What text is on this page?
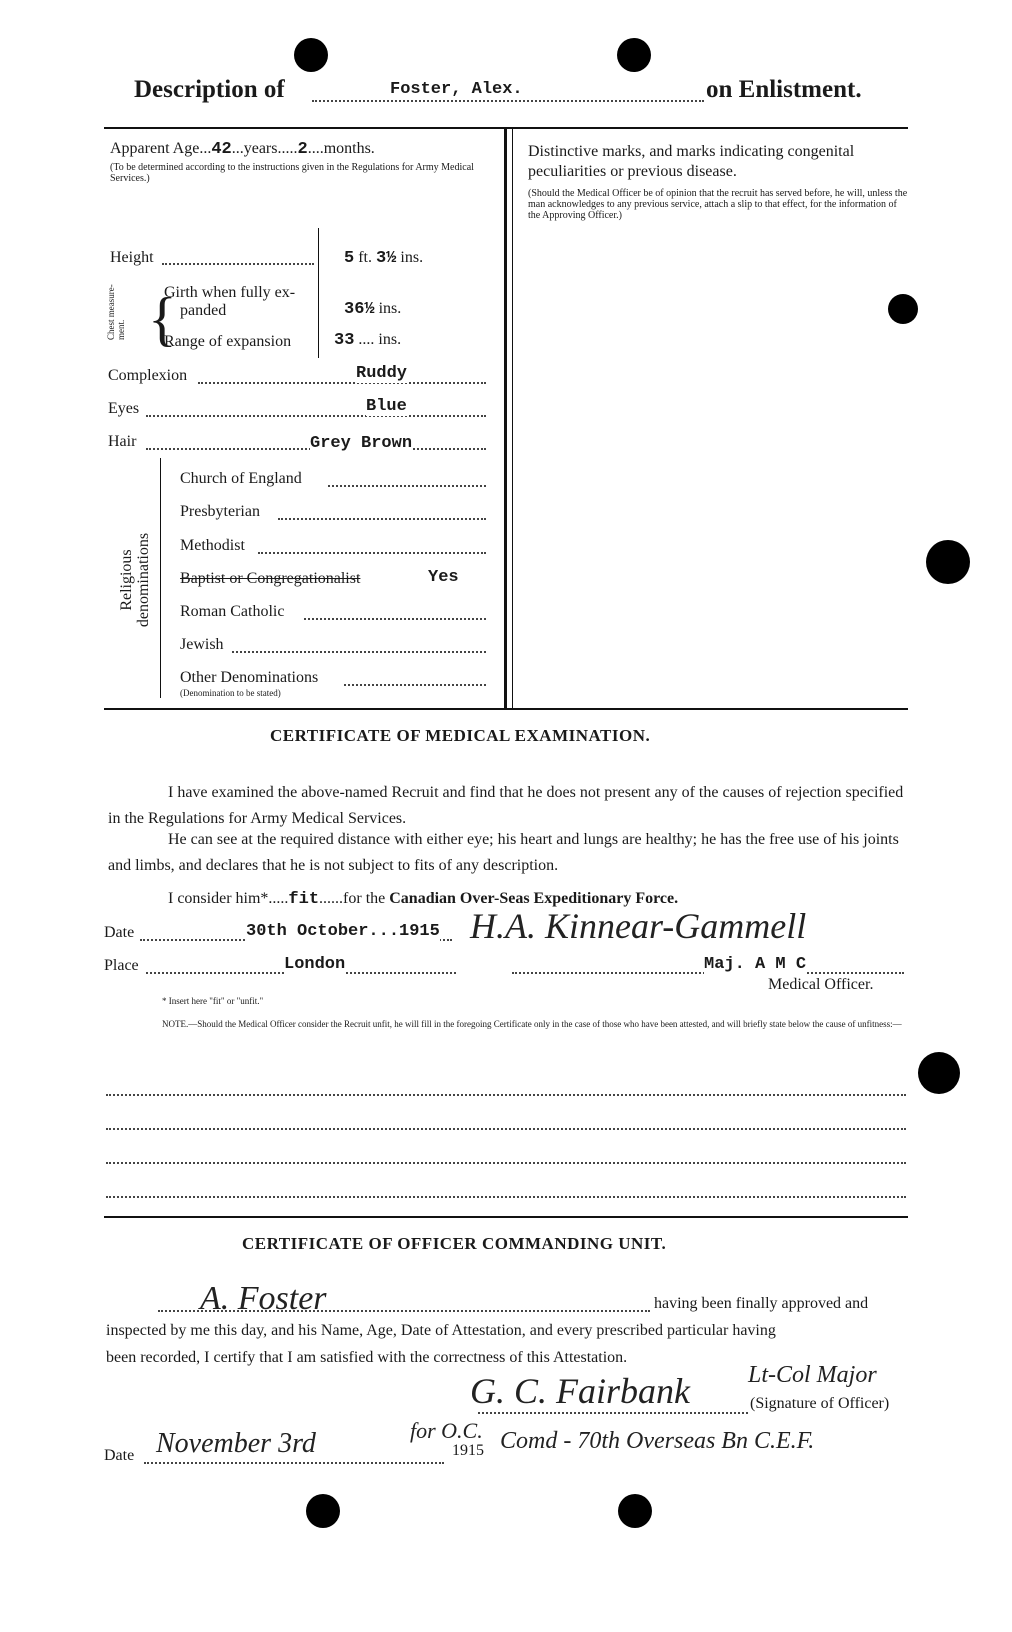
Description of	Foster, Alex.	on Enlistment.
Apparent Age...42...years.....2....months.
(To be determined according to the instructions given in the Regulations for Army Medical Services.)
Height	5 ft. 3½ ins.
Chest measure-ment. {
Girth when fully ex-
panded	36½ ins.
Range of expansion	33 .... ins.
Complexion	Ruddy
Eyes	Blue
Hair	Grey Brown
Religious denominations
Church of England
Presbyterian
Methodist
Baptist or Congregationalist	Yes
Roman Catholic
Jewish
Other Denominations
(Denomination to be stated)
Distinctive marks, and marks indicating congenital peculiarities or previous disease.
(Should the Medical Officer be of opinion that the recruit has served before, he will, unless the man acknowledges to any previous service, attach a slip to that effect, for the information of the Approving Officer.)
CERTIFICATE OF MEDICAL EXAMINATION.
I have examined the above-named Recruit and find that he does not present any of the causes of rejection specified in the Regulations for Army Medical Services.
He can see at the required distance with either eye; his heart and lungs are healthy; he has the free use of his joints and limbs, and declares that he is not subject to fits of any description.
I consider him*.....fit......for the Canadian Over-Seas Expeditionary Force.
Date	30th October...1915 H.A. Kinnear-Gammell
Place	London	Maj. A M C
Medical Officer.
* Insert here "fit" or "unfit."
NOTE.—Should the Medical Officer consider the Recruit unfit, he will fill in the foregoing Certificate only in the case of those who have been attested, and will briefly state below the cause of unfitness:—
CERTIFICATE OF OFFICER COMMANDING UNIT.
A. Foster	having been finally approved and
inspected by me this day, and his Name, Age, Date of Attestation, and every prescribed particular having
been recorded, I certify that I am satisfied with the correctness of this Attestation.
G. C. Fairbank Lt-Col Major
(Signature of Officer)
Date November 3rd	for O.C.
1915 Comd - 70th Overseas Bn C.E.F.
